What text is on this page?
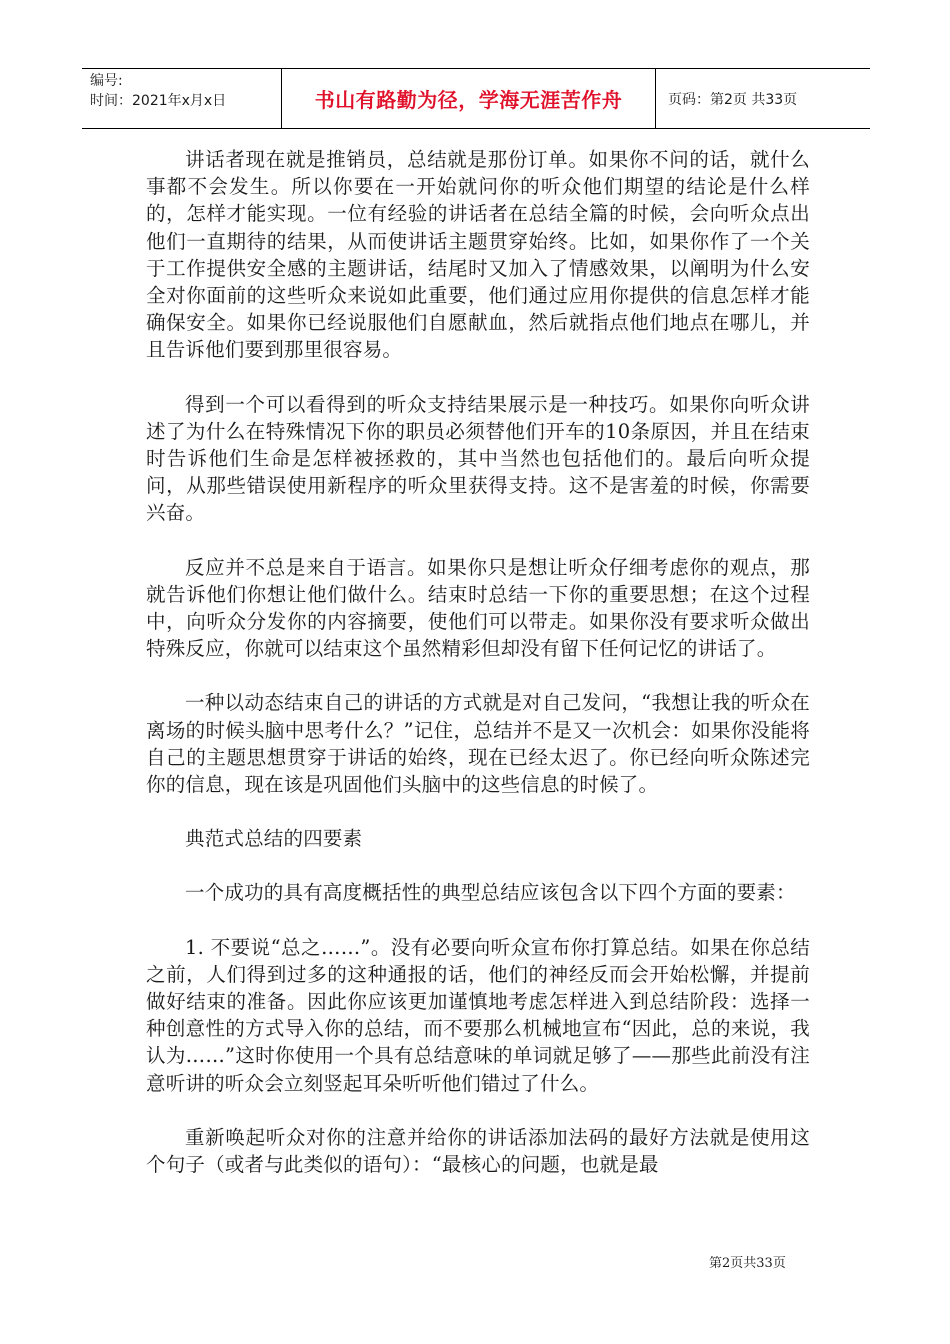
编号:
时间：2021年x月x日	书山有路勤为径，学海无涯苦作舟	页码：第2页 共33页

讲话者现在就是推销员，总结就是那份订单。如果你不问的话，就什么事都不会发生。所以你要在一开始就问你的听众他们期望的结论是什么样的，怎样才能实现。一位有经验的讲话者在总结全篇的时候，会向听众点出他们一直期待的结果，从而使讲话主题贯穿始终。比如，如果你作了一个关于工作提供安全感的主题讲话，结尾时又加入了情感效果，以阐明为什么安全对你面前的这些听众来说如此重要，他们通过应用你提供的信息怎样才能确保安全。如果你已经说服他们自愿献血，然后就指点他们地点在哪儿，并且告诉他们要到那里很容易。

得到一个可以看得到的听众支持结果展示是一种技巧。如果你向听众讲述了为什么在特殊情况下你的职员必须替他们开车的10条原因，并且在结束时告诉他们生命是怎样被拯救的，其中当然也包括他们的。最后向听众提问，从那些错误使用新程序的听众里获得支持。这不是害羞的时候，你需要兴奋。

反应并不总是来自于语言。如果你只是想让听众仔细考虑你的观点，那就告诉他们你想让他们做什么。结束时总结一下你的重要思想；在这个过程中，向听众分发你的内容摘要，使他们可以带走。如果你没有要求听众做出特殊反应，你就可以结束这个虽然精彩但却没有留下任何记忆的讲话了。

一种以动态结束自己的讲话的方式就是对自己发问，“我想让我的听众在离场的时候头脑中思考什么？”记住，总结并不是又一次机会：如果你没能将自己的主题思想贯穿于讲话的始终，现在已经太迟了。你已经向听众陈述完你的信息，现在该是巩固他们头脑中的这些信息的时候了。

典范式总结的四要素

一个成功的具有高度概括性的典型总结应该包含以下四个方面的要素：

1. 不要说“总之……”。没有必要向听众宣布你打算总结。如果在你总结之前，人们得到过多的这种通报的话，他们的神经反而会开始松懈，并提前做好结束的准备。因此你应该更加谨慎地考虑怎样进入到总结阶段：选择一种创意性的方式导入你的总结，而不要那么机械地宣布“因此，总的来说，我认为……”这时你使用一个具有总结意味的单词就足够了——那些此前没有注意听讲的听众会立刻竖起耳朵听听他们错过了什么。

重新唤起听众对你的注意并给你的讲话添加法码的最好方法就是使用这个句子（或者与此类似的语句）：“最核心的问题，也就是最

第2页共33页
